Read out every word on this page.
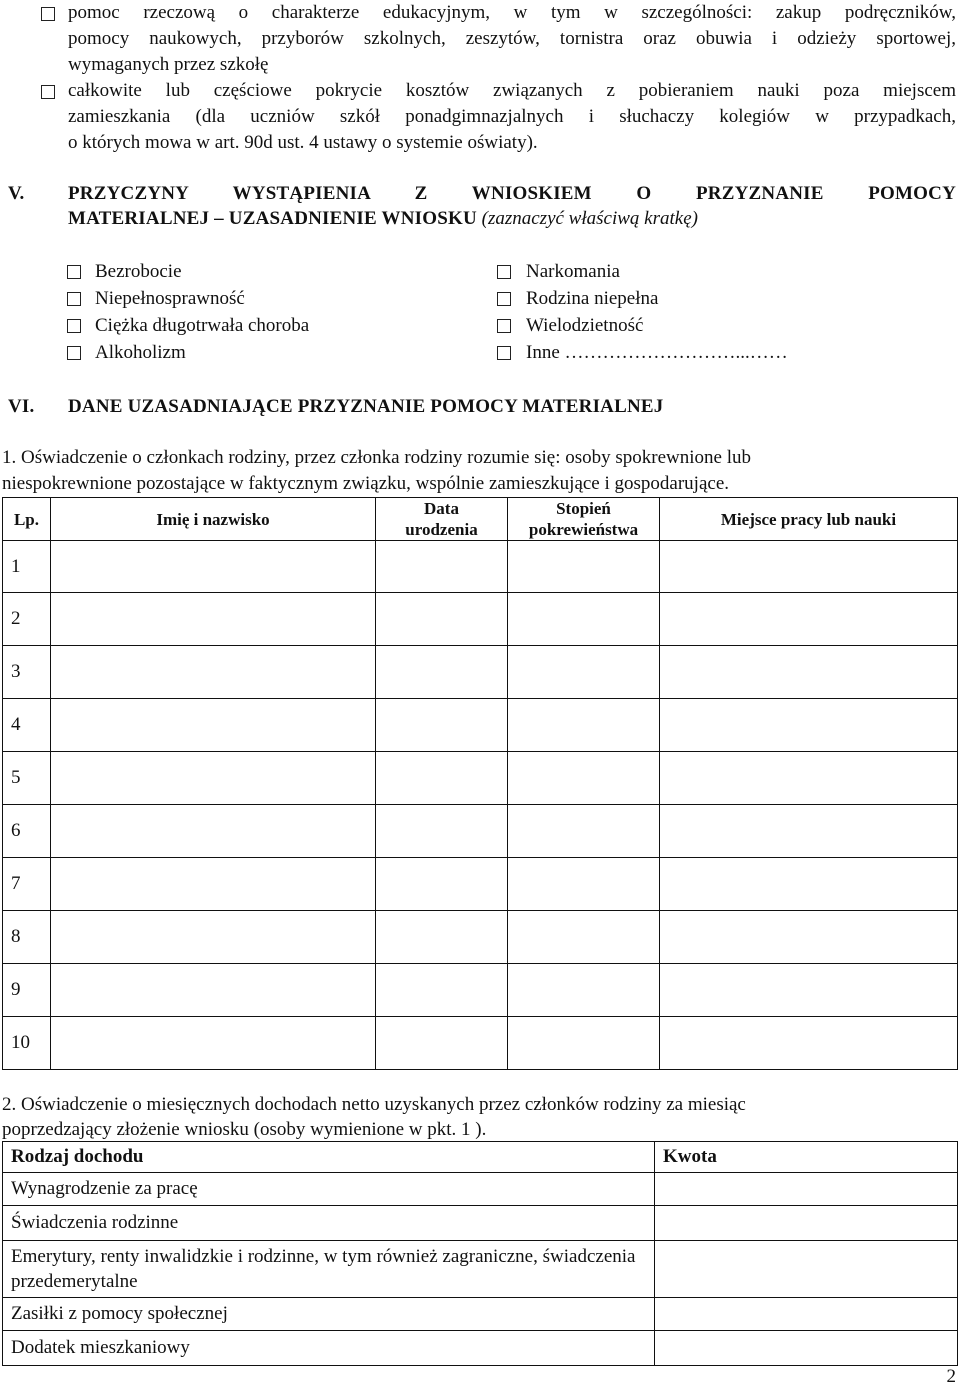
pomoc rzeczową o charakterze edukacyjnym, w tym w szczególności: zakup podręczników,
pomocy naukowych, przyborów szkolnych, zeszytów, tornistra oraz obuwia i odzieży sportowej,
wymaganych przez szkołę
całkowite lub częściowe pokrycie kosztów związanych z pobieraniem nauki poza miejscem
zamieszkania (dla uczniów szkół ponadgimnazjalnych i słuchaczy kolegiów w przypadkach,
o których mowa w art. 90d ust. 4 ustawy o systemie oświaty).
V. PRZYCZYNY WYSTĄPIENIA Z WNIOSKIEM O PRZYZNANIE POMOCY
MATERIALNEJ – UZASADNIENIE WNIOSKU (zaznaczyć właściwą kratkę)
Bezrobocie
Niepełnosprawność
Ciężka długotrwała choroba
Alkoholizm
Narkomania
Rodzina niepełna
Wielodzietność
Inne ………………………...……
VI. DANE UZASADNIAJĄCE PRZYZNANIE POMOCY MATERIALNEJ
1. Oświadczenie o członkach rodziny, przez członka rodziny rozumie się: osoby spokrewnione lub
niespokrewnione pozostające w faktycznym związku, wspólnie zamieszkujące i gospodarujące.
Lp.	Imię i nazwisko	Data urodzenia	Stopień pokrewieństwa	Miejsce pracy lub nauki
1				
2				
3				
4				
5				
6				
7				
8				
9				
10				
2. Oświadczenie o miesięcznych dochodach netto uzyskanych przez członków rodziny za miesiąc
poprzedzający złożenie wniosku (osoby wymienione w pkt. 1 ).
Rodzaj dochodu	Kwota
Wynagrodzenie za pracę	
Świadczenia rodzinne	
Emerytury, renty inwalidzkie i rodzinne, w tym również zagraniczne, świadczenia przedemerytalne	
Zasiłki z pomocy społecznej	
Dodatek mieszkaniowy	
2
